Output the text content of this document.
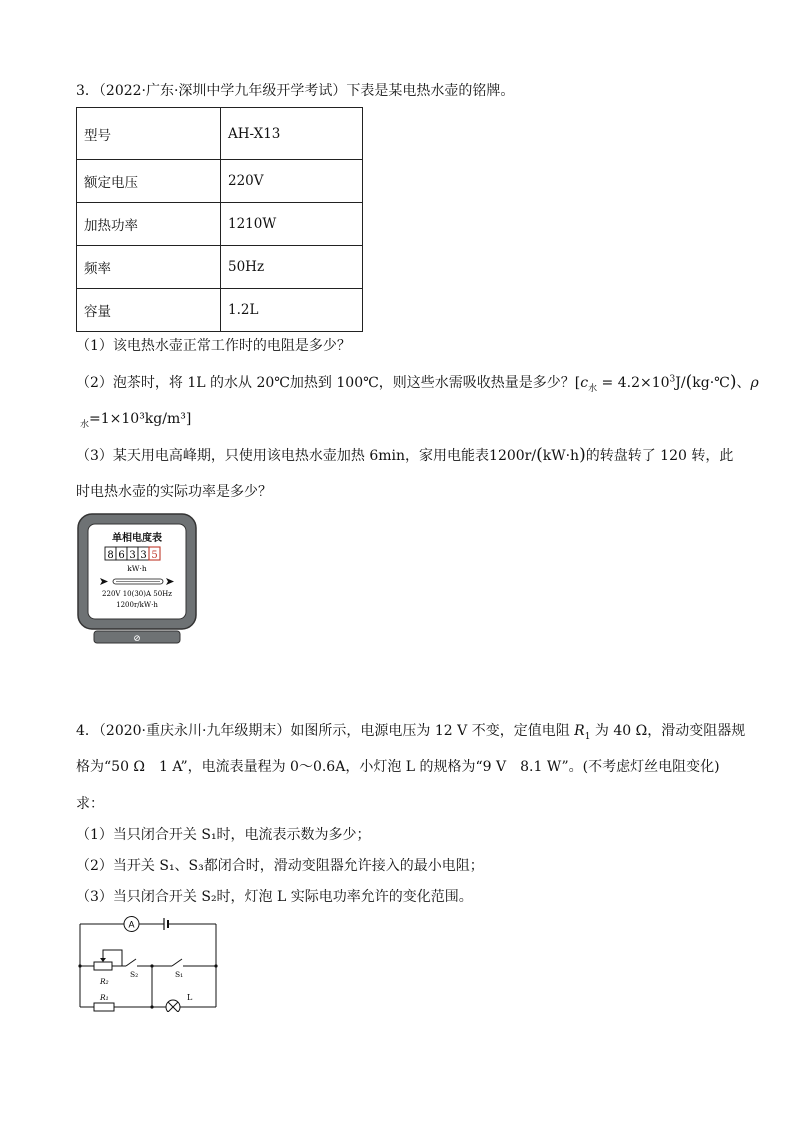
3．（2022·广东·深圳中学九年级开学考试）下表是某电热水壶的铭牌。
型号	AH-X13
额定电压	220V
加热功率	1210W
频率	50Hz
容量	1.2L
（1）该电热水壶正常工作时的电阻是多少？
（2）泡茶时，将 1L 的水从 20℃加热到 100℃，则这些水需吸收热量是多少？[$c_水$ = $4.2\times 10^3J/(kg\cdot℃)$、ρ
$_水$=1×10³kg/m³]
（3）某天用电高峰期，只使用该电热水壶加热 6min，家用电能表1200r/(kW·h)的转盘转了 120 转，此
时电热水壶的实际功率是多少？
单相电度表
8 6 3 3 5
kW·h
220V 10(30)A 50Hz
1200r/kW·h
⊘
4．（2020·重庆永川·九年级期末）如图所示，电源电压为 12 V 不变，定值电阻 $R_1$ 为 40 Ω，滑动变阻器规
格为“50 Ω　1 A”，电流表量程为 0～0.6A，小灯泡 L 的规格为“9 V　8.1 W”。(不考虑灯丝电阻变化)
求：
（1）当只闭合开关 S₁时，电流表示数为多少；
（2）当开关 S₁、S₃都闭合时，滑动变阻器允许接入的最小电阻；
（3）当只闭合开关 S₂时，灯泡 L 实际电功率允许的变化范围。
A
R₂
S₂	S₁
R₁	L
